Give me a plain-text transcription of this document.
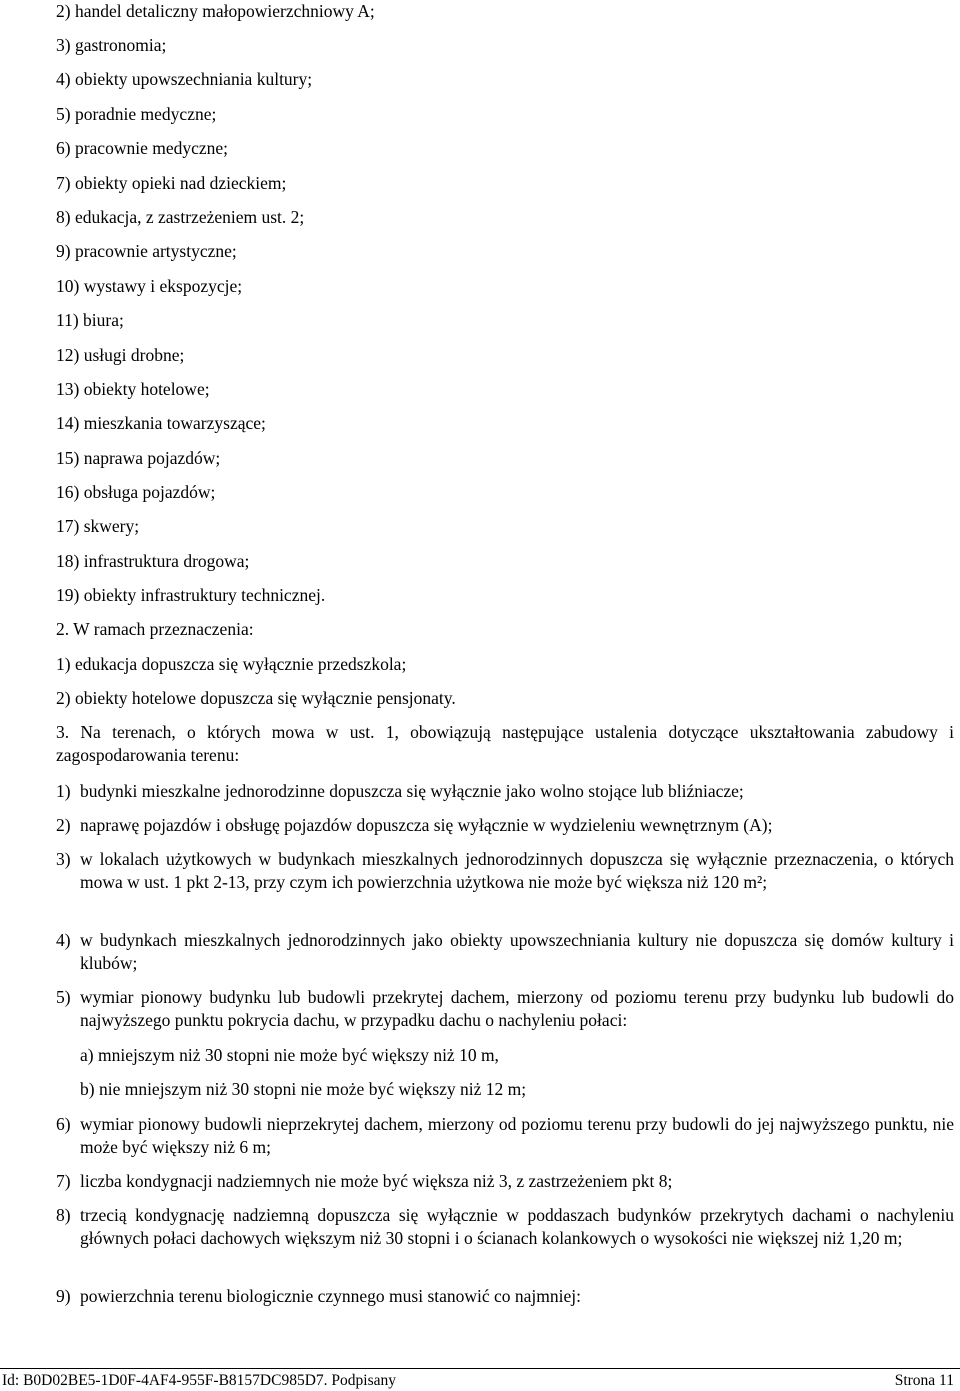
2) handel detaliczny małopowierzchniowy A;
3) gastronomia;
4) obiekty upowszechniania kultury;
5) poradnie medyczne;
6) pracownie medyczne;
7) obiekty opieki nad dzieckiem;
8) edukacja, z zastrzeżeniem ust. 2;
9) pracownie artystyczne;
10) wystawy i ekspozycje;
11) biura;
12) usługi drobne;
13) obiekty hotelowe;
14) mieszkania towarzyszące;
15) naprawa pojazdów;
16) obsługa pojazdów;
17) skwery;
18) infrastruktura drogowa;
19) obiekty infrastruktury technicznej.
2. W ramach przeznaczenia:
1) edukacja dopuszcza się wyłącznie przedszkola;
2) obiekty hotelowe dopuszcza się wyłącznie pensjonaty.
3. Na terenach, o których mowa w ust. 1, obowiązują następujące ustalenia dotyczące ukształtowania zabudowy i zagospodarowania terenu:
1) budynki mieszkalne jednorodzinne dopuszcza się wyłącznie jako wolno stojące lub bliźniacze;
2) naprawę pojazdów i obsługę pojazdów dopuszcza się wyłącznie w wydzieleniu wewnętrznym (A);
3) w lokalach użytkowych w budynkach mieszkalnych jednorodzinnych dopuszcza się wyłącznie przeznaczenia, o których mowa w ust. 1 pkt 2-13, przy czym ich powierzchnia użytkowa nie może być większa niż 120 m²;
4) w budynkach mieszkalnych jednorodzinnych jako obiekty upowszechniania kultury nie dopuszcza się domów kultury i klubów;
5) wymiar pionowy budynku lub budowli przekrytej dachem, mierzony od poziomu terenu przy budynku lub budowli do najwyższego punktu pokrycia dachu, w przypadku dachu o nachyleniu połaci:
a) mniejszym niż 30 stopni nie może być większy niż 10 m,
b) nie mniejszym niż 30 stopni nie może być większy niż 12 m;
6) wymiar pionowy budowli nieprzekrytej dachem, mierzony od poziomu terenu przy budowli do jej najwyższego punktu, nie może być większy niż 6 m;
7) liczba kondygnacji nadziemnych nie może być większa niż 3, z zastrzeżeniem pkt 8;
8) trzecią kondygnację nadziemną dopuszcza się wyłącznie w poddaszach budynków przekrytych dachami o nachyleniu głównych połaci dachowych większym niż 30 stopni i o ścianach kolankowych o wysokości nie większej niż 1,20 m;
9) powierzchnia terenu biologicznie czynnego musi stanowić co najmniej:
Id: B0D02BE5-1D0F-4AF4-955F-B8157DC985D7. Podpisany	Strona 11
